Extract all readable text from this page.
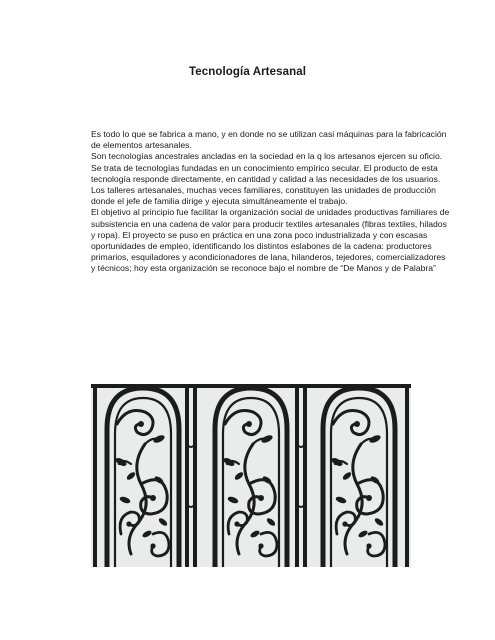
Tecnología Artesanal

Es todo lo que se fabrica a mano, y en donde no se utilizan casi máquinas para la fabricación de elementos artesanales.

Son tecnologías ancestrales ancladas en la sociedad en la q los artesanos ejercen su oficio. Se trata de tecnologías fundadas en un conocimiento empírico secular. El producto de esta tecnología responde directamente, en cantidad y calidad a las necesidades de los usuarios. Los talleres artesanales, muchas veces familiares, constituyen las unidades de producción donde el jefe de familia dirige y ejecuta simultáneamente el trabajo.

El objetivo al principio fue facilitar la organización social de unidades productivas familiares de subsistencia en una cadena de valor para producir textiles artesanales (fibras textiles, hilados y ropa). El proyecto se puso en práctica en una zona poco industrializada y con escasas oportunidades de empleo, identificando los distintos eslabones de la cadena: productores primarios, esquiladores y acondicionadores de lana, hilanderos, tejedores, comercializadores y técnicos; hoy esta organización se reconoce bajo el nombre de “De Manos y de Palabra”
